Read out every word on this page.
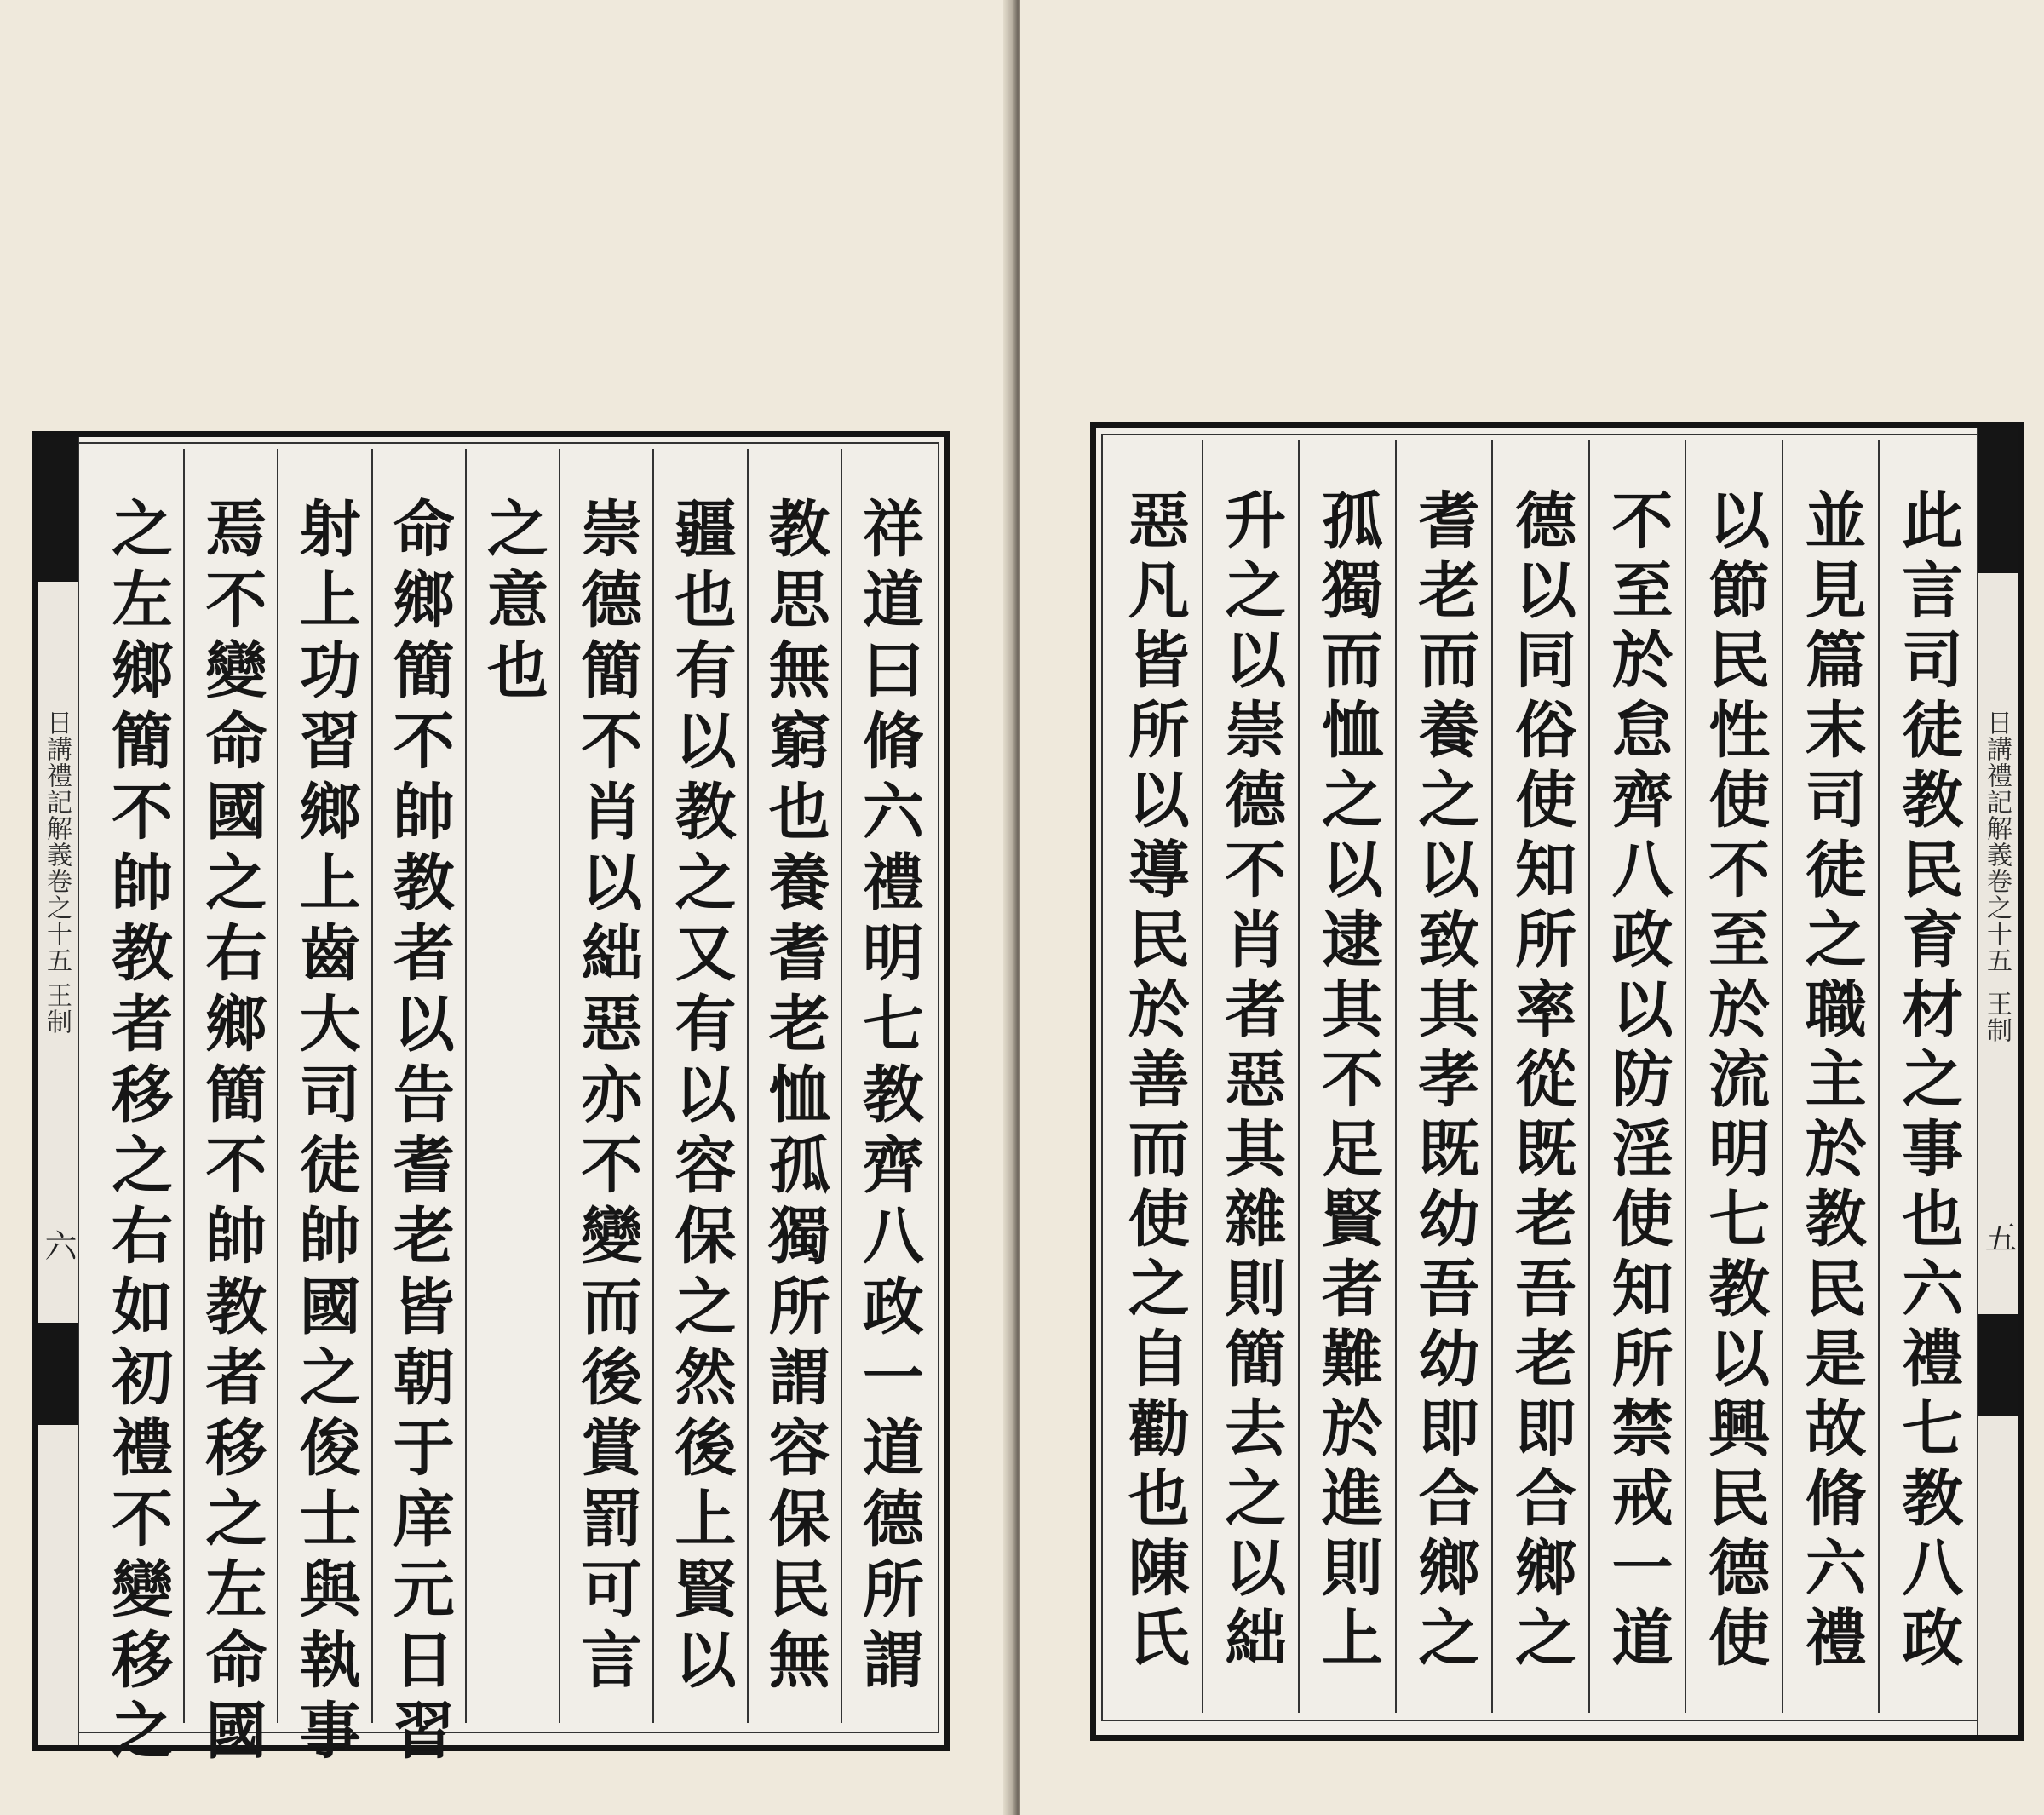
日講禮記解義卷之十五
王制
六	祥道曰脩六禮明七教齊八政一道德所謂
教思無窮也養耆老恤孤獨所謂容保民無
疆也有以教之又有以容保之然後上賢以
崇德簡不肖以絀惡亦不變而後賞罰可言
之意也
命鄉簡不帥教者以告耆老皆朝于庠元日習
射上功習鄉上齒大司徒帥國之俊士與執事
焉不變命國之右鄉簡不帥教者移之左命國
之左鄉簡不帥教者移之右如初禮不變移之	日講禮記解義卷之十五
王制
五
此言司徒教民育材之事也六禮七教八政
並見篇末司徒之職主於教民是故脩六禮
以節民性使不至於流明七教以興民德使
不至於怠齊八政以防淫使知所禁戒一道
德以同俗使知所率從既老吾老即合鄉之
耆老而養之以致其孝既幼吾幼即合鄉之
孤獨而恤之以逮其不足賢者難於進則上
升之以崇德不肖者惡其雜則簡去之以絀
惡凡皆所以導民於善而使之自勸也陳氏
